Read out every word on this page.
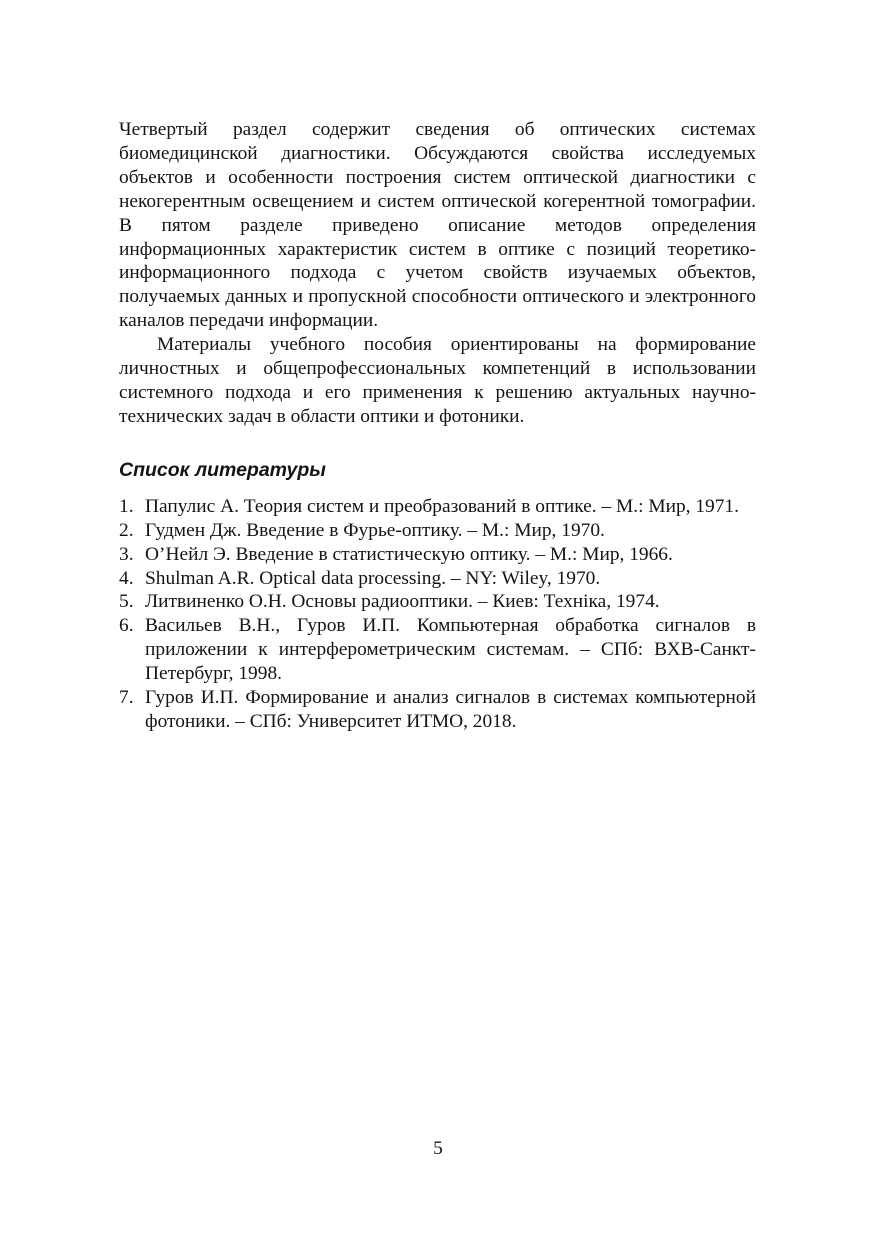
Четвертый раздел содержит сведения об оптических системах биомедицинской диагностики. Обсуждаются свойства исследуемых объектов и особенности построения систем оптической диагностики с некогерентным освещением и систем оптической когерентной томографии. В пятом разделе приведено описание методов определения информационных характеристик систем в оптике с позиций теоретико-информационного подхода с учетом свойств изучаемых объектов, получаемых данных и пропускной способности оптического и электронного каналов передачи информации.

Материалы учебного пособия ориентированы на формирование личностных и общепрофессиональных компетенций в использовании системного подхода и его применения к решению актуальных научно-технических задач в области оптики и фотоники.

Список литературы
1. Папулис А. Теория систем и преобразований в оптике. – М.: Мир, 1971.
2. Гудмен Дж. Введение в Фурье-оптику. – М.: Мир, 1970.
3. О’Нейл Э. Введение в статистическую оптику. – М.: Мир, 1966.
4. Shulman A.R. Optical data processing. – NY: Wiley, 1970.
5. Литвиненко О.Н. Основы радиооптики. – Киев: Технiка, 1974.
6. Васильев В.Н., Гуров И.П. Компьютерная обработка сигналов в приложении к интерферометрическим системам. – СПб: ВХВ-Санкт-Петербург, 1998.
7. Гуров И.П. Формирование и анализ сигналов в системах компьютерной фотоники. – СПб: Университет ИТМО, 2018.
5
